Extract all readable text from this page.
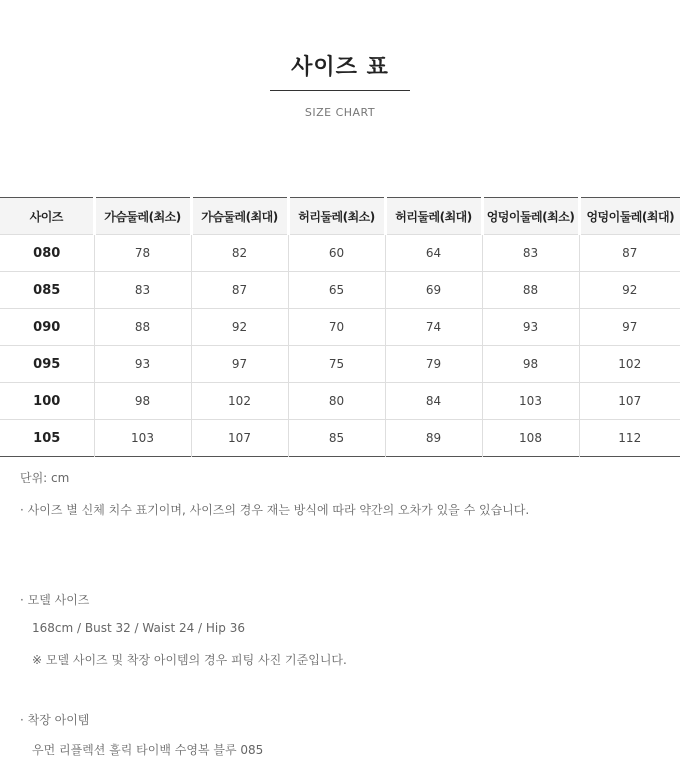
사이즈 표
SIZE CHART
사이즈	가슴둘레(최소)	가슴둘레(최대)	허리둘레(최소)	허리둘레(최대)	엉덩이둘레(최소)	엉덩이둘레(최대)
080	78	82	60	64	83	87
085	83	87	65	69	88	92
090	88	92	70	74	93	97
095	93	97	75	79	98	102
100	98	102	80	84	103	107
105	103	107	85	89	108	112
단위: cm
· 사이즈 별 신체 치수 표기이며, 사이즈의 경우 재는 방식에 따라 약간의 오차가 있을 수 있습니다.
· 모델 사이즈
168cm / Bust 32 / Waist 24 / Hip 36
※ 모델 사이즈 및 착장 아이템의 경우 피팅 사진 기준입니다.
· 착장 아이템
우먼 리플렉션 홀릭 타이백 수영복 블루 085
